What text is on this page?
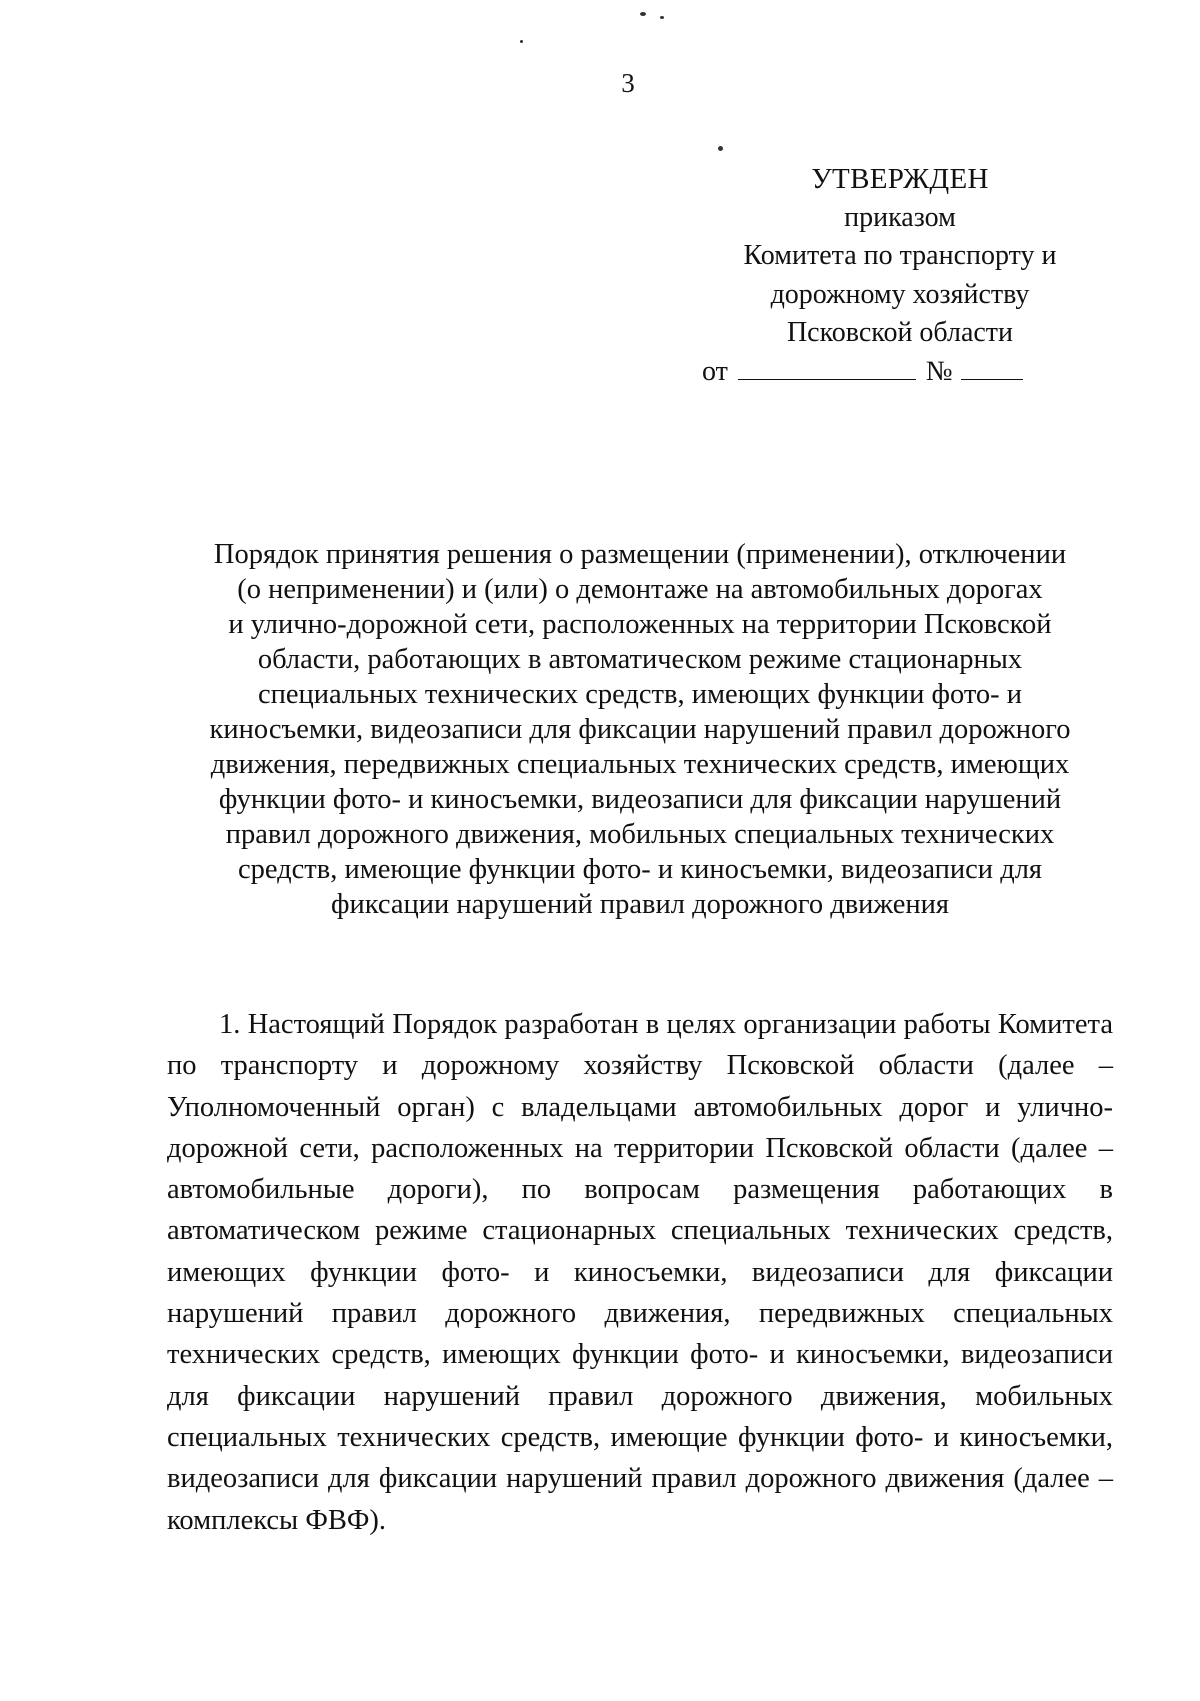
3
УТВЕРЖДЕН
приказом
Комитета по транспорту и
дорожному хозяйству
Псковской области
от	№
Порядок принятия решения о размещении (применении), отключении
(о неприменении) и (или) о демонтаже на автомобильных дорогах
и улично-дорожной сети, расположенных на территории Псковской
области, работающих в автоматическом режиме стационарных
специальных технических средств, имеющих функции фото- и
киносъемки, видеозаписи для фиксации нарушений правил дорожного
движения, передвижных специальных технических средств, имеющих
функции фото- и киносъемки, видеозаписи для фиксации нарушений
правил дорожного движения, мобильных специальных технических
средств, имеющие функции фото- и киносъемки, видеозаписи для
фиксации нарушений правил дорожного движения

1. Настоящий Порядок разработан в целях организации работы Комитета по транспорту и дорожному хозяйству Псковской области (далее – Уполномоченный орган) с владельцами автомобильных дорог и улично-дорожной сети, расположенных на территории Псковской области (далее – автомобильные дороги), по вопросам размещения работающих в автоматическом режиме стационарных специальных технических средств, имеющих функции фото- и киносъемки, видеозаписи для фиксации нарушений правил дорожного движения, передвижных специальных технических средств, имеющих функции фото- и киносъемки, видеозаписи для фиксации нарушений правил дорожного движения, мобильных специальных технических средств, имеющие функции фото- и киносъемки, видеозаписи для фиксации нарушений правил дорожного движения (далее – комплексы ФВФ).
